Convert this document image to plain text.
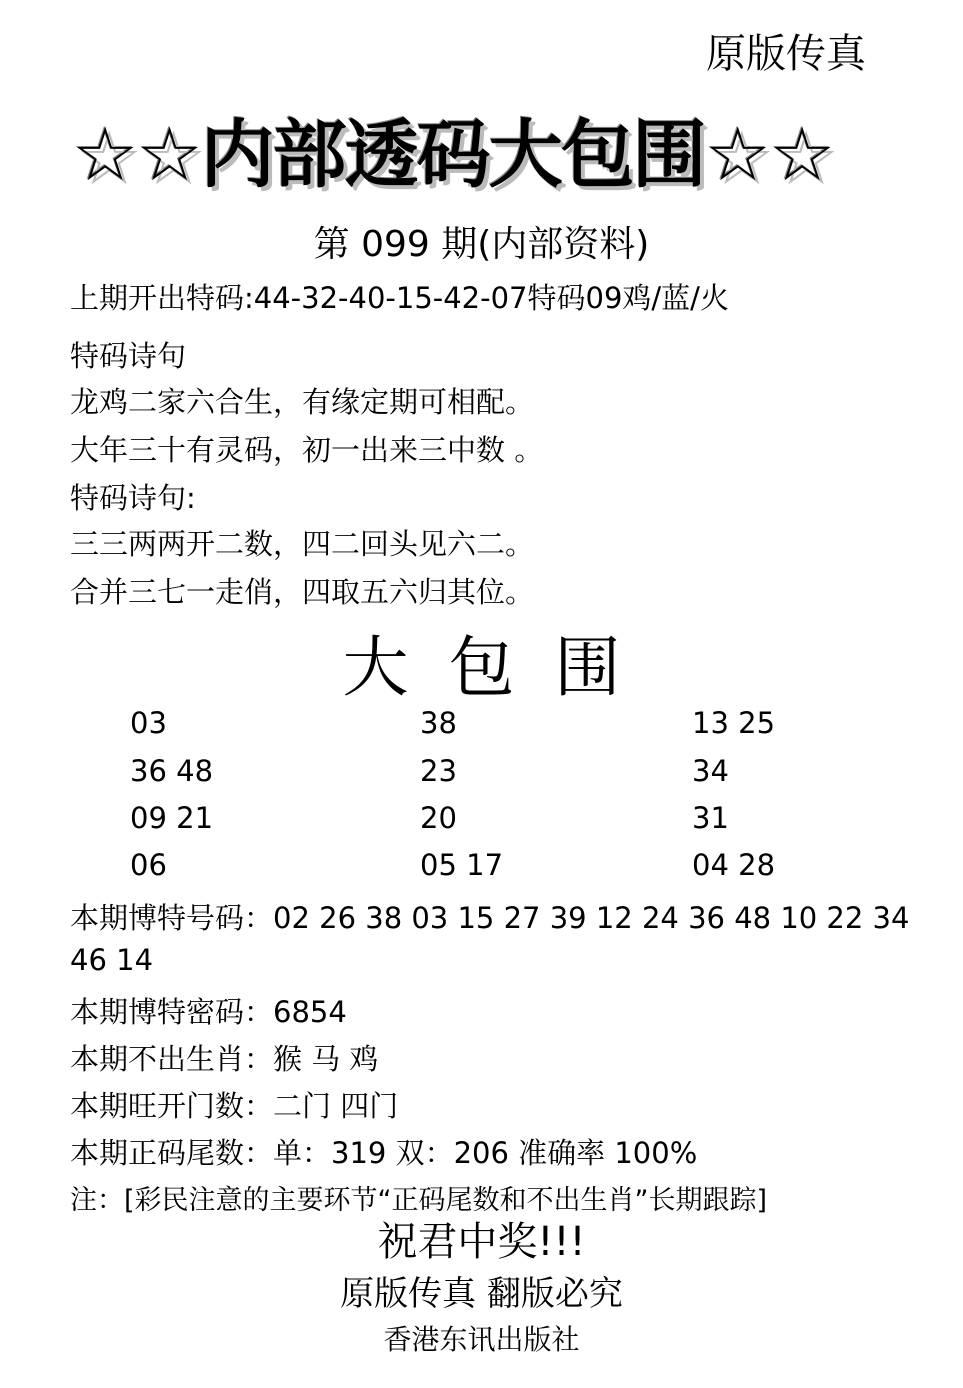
原版传真
☆☆内部透码大包围☆☆
第 099 期(内部资料)
上期开出特码:44-32-40-15-42-07特码09鸡/蓝/火
特码诗句
龙鸡二家六合生，有缘定期可相配。
大年三十有灵码，初一出来三中数 。
特码诗句:
三三两两开二数，四二回头见六二。
合并三七一走俏，四取五六归其位。
大包围
03	38	13 25
36 48	23	34
09 21	20	31
06	05 17	04 28
本期博特号码：02 26 38 03 15 27 39 12 24 36 48 10 22 34
46 14
本期博特密码：6854
本期不出生肖：猴 马 鸡
本期旺开门数：二门 四门
本期正码尾数：单：319 双：206 准确率 100%
注：[彩民注意的主要环节“正码尾数和不出生肖”长期跟踪]
祝君中奖!!!
原版传真 翻版必究
香港东讯出版社
